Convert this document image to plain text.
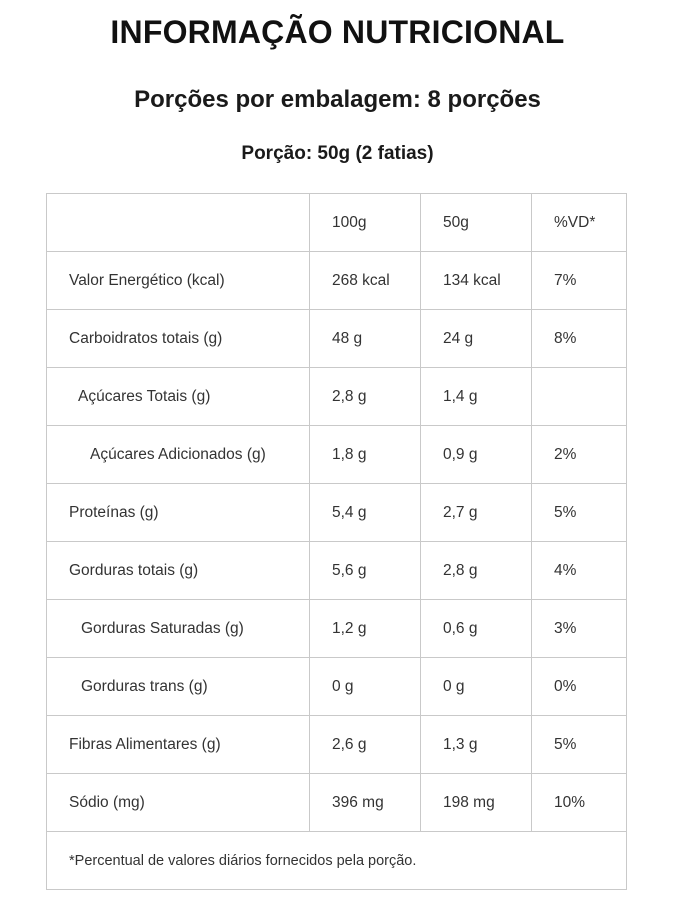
INFORMAÇÃO NUTRICIONAL
Porções por embalagem: 8 porções
Porção: 50g (2 fatias)
	100g	50g	%VD*
Valor Energético (kcal)	268 kcal	134 kcal	7%
Carboidratos totais (g)	48 g	24 g	8%
Açúcares Totais (g)	2,8 g	1,4 g	
Açúcares Adicionados (g)	1,8 g	0,9 g	2%
Proteínas (g)	5,4 g	2,7 g	5%
Gorduras totais (g)	5,6 g	2,8 g	4%
Gorduras Saturadas (g)	1,2 g	0,6 g	3%
Gorduras trans (g)	0 g	0 g	0%
Fibras Alimentares (g)	2,6 g	1,3 g	5%
Sódio (mg)	396 mg	198 mg	10%
*Percentual de valores diários fornecidos pela porção.			
